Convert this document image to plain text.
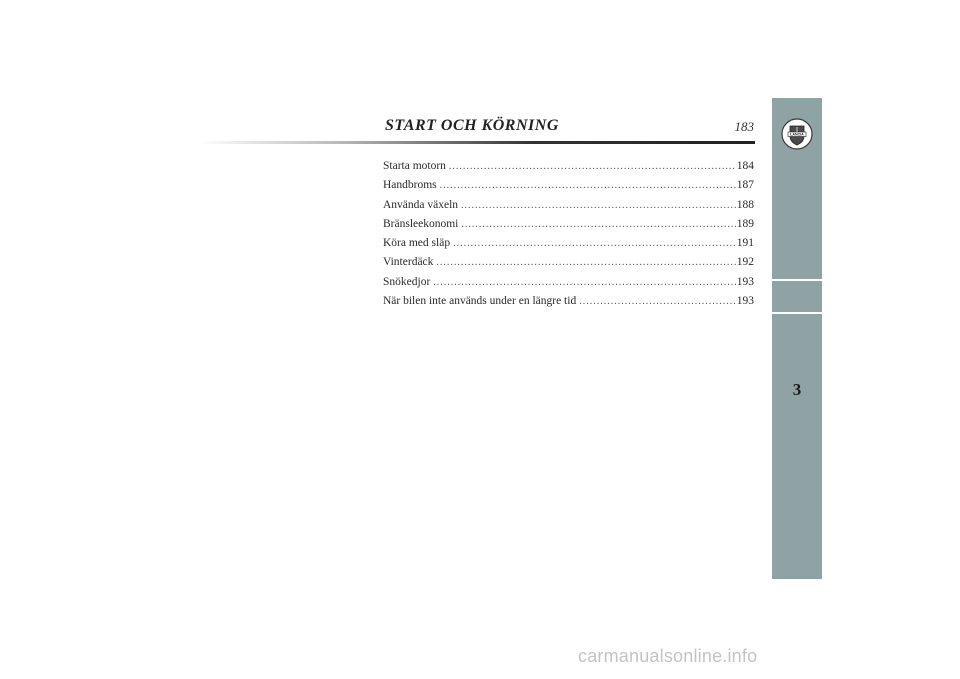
START OCH KÖRNING	183
Starta motorn .....	184
Handbroms .....	187
Använda växeln .....	188
Bränsleekonomi .....	189
Köra med släp .....	191
Vinterdäck .....	192
Snökedjor .....	193
När bilen inte används under en längre tid .....	193
LANCIA
3
carmanualsonline.info
